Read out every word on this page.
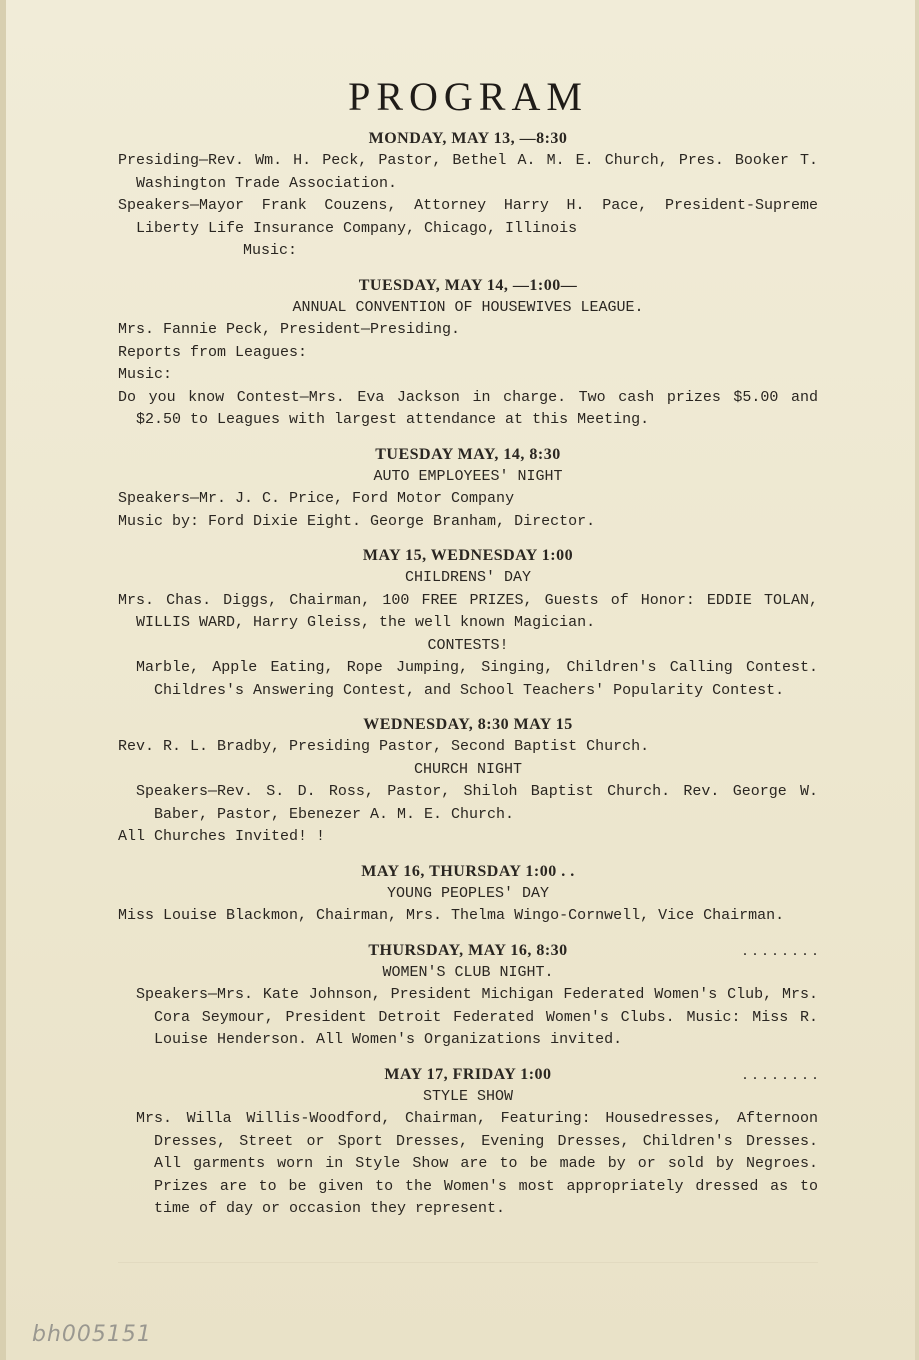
PROGRAM
MONDAY, MAY 13, —8:30
Presiding—Rev. Wm. H. Peck, Pastor, Bethel A. M. E. Church, Pres. Booker T. Washington Trade Association.
Speakers—Mayor Frank Couzens, Attorney Harry H. Pace, President-Supreme Liberty Life Insurance Company, Chicago, Illinois
Music:
TUESDAY, MAY 14, —1:00—
ANNUAL CONVENTION OF HOUSEWIVES LEAGUE.
Mrs. Fannie Peck, President—Presiding.
Reports from Leagues:
Music:
Do you know Contest—Mrs. Eva Jackson in charge. Two cash prizes $5.00 and $2.50 to Leagues with largest attendance at this Meeting.
TUESDAY MAY, 14, 8:30
AUTO EMPLOYEES' NIGHT
Speakers—Mr. J. C. Price, Ford Motor Company
Music by: Ford Dixie Eight. George Branham, Director.
MAY 15, WEDNESDAY 1:00
CHILDRENS' DAY
Mrs. Chas. Diggs, Chairman, 100 FREE PRIZES, Guests of Honor: EDDIE TOLAN, WILLIS WARD, Harry Gleiss, the well known Magician.
CONTESTS!
Marble, Apple Eating, Rope Jumping, Singing, Children's Calling Contest. Childres's Answering Contest, and School Teachers' Popularity Contest.
WEDNESDAY, 8:30 MAY 15
Rev. R. L. Bradby, Presiding Pastor, Second Baptist Church.
CHURCH NIGHT
Speakers—Rev. S. D. Ross, Pastor, Shiloh Baptist Church. Rev. George W. Baber, Pastor, Ebenezer A. M. E. Church.
All Churches Invited! !
MAY 16, THURSDAY 1:00 . .
YOUNG PEOPLES' DAY
Miss Louise Blackmon, Chairman, Mrs. Thelma Wingo-Cornwell, Vice Chairman.
THURSDAY, MAY 16, 8:30	. . . . . . . .
WOMEN'S CLUB NIGHT.
Speakers—Mrs. Kate Johnson, President Michigan Federated Women's Club, Mrs. Cora Seymour, President Detroit Federated Women's Clubs. Music: Miss R. Louise Henderson. All Women's Organizations invited.
MAY 17, FRIDAY 1:00	. . . . . . . .
STYLE SHOW
Mrs. Willa Willis-Woodford, Chairman, Featuring: Housedresses, Afternoon Dresses, Street or Sport Dresses, Evening Dresses, Children's Dresses. All garments worn in Style Show are to be made by or sold by Negroes. Prizes are to be given to the Women's most appropriately dressed as to time of day or occasion they represent.
bh005151
